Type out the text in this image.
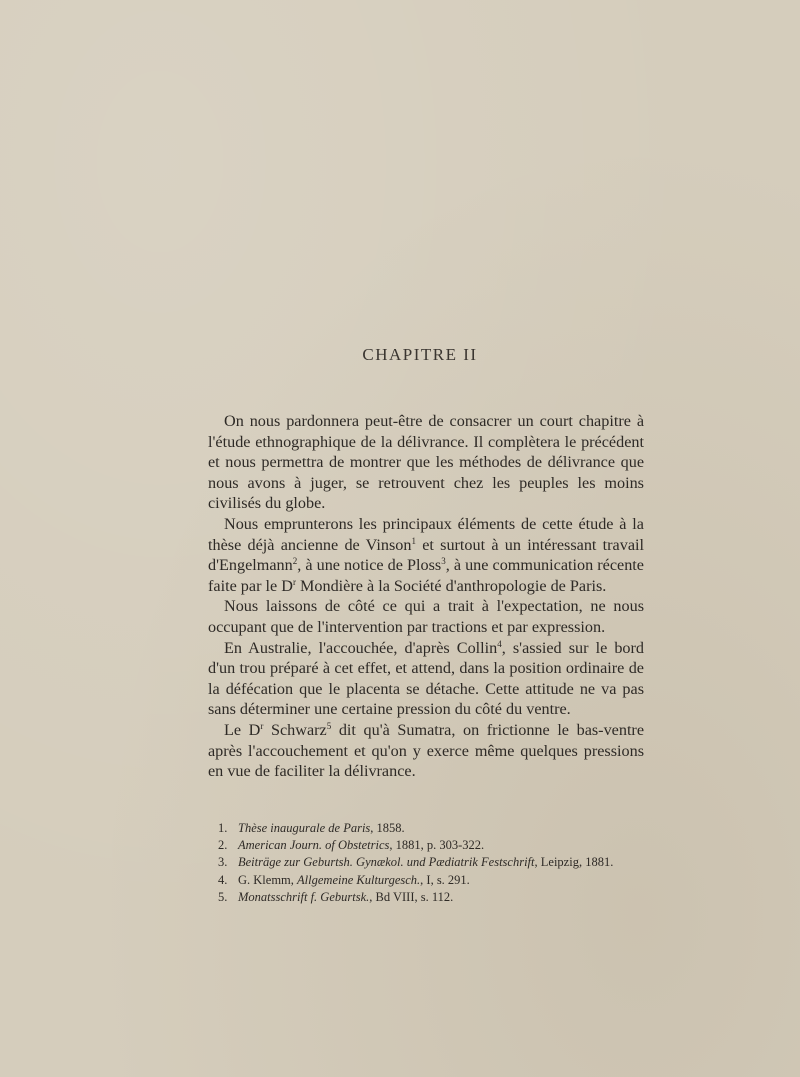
CHAPITRE II

On nous pardonnera peut-être de consacrer un court chapitre à l'étude ethnographique de la délivrance. Il complètera le précédent et nous permettra de montrer que les méthodes de délivrance que nous avons à juger, se retrouvent chez les peuples les moins civilisés du globe.

Nous emprunterons les principaux éléments de cette étude à la thèse déjà ancienne de Vinson$^1$ et surtout à un intéressant travail d'Engelmann$^2$, à une notice de Ploss$^3$, à une communication récente faite par le $D^r$ Mondière à la Société d'anthropologie de Paris.

Nous laissons de côté ce qui a trait à l'expectation, ne nous occupant que de l'intervention par tractions et par expression.

En Australie, l'accouchée, d'après Collin$^4$, s'assied sur le bord d'un trou préparé à cet effet, et attend, dans la position ordinaire de la défécation que le placenta se détache. Cette attitude ne va pas sans déterminer une certaine pression du côté du ventre.

Le $D^r$ Schwarz$^5$ dit qu'à Sumatra, on frictionne le bas-ventre après l'accouchement et qu'on y exerce même quelques pressions en vue de faciliter la délivrance.

1. Thèse inaugurale de Paris, 1858.
2. American Journ. of Obstetrics, 1881, p. 303-322.
3. Beiträge zur Geburtsh. Gynækol. und Pædiatrik Festschrift, Leipzig, 1881.
4. G. Klemm, Allgemeine Kulturgesch., I, s. 291.
5. Monatsschrift f. Geburtsk., Bd VIII, s. 112.
